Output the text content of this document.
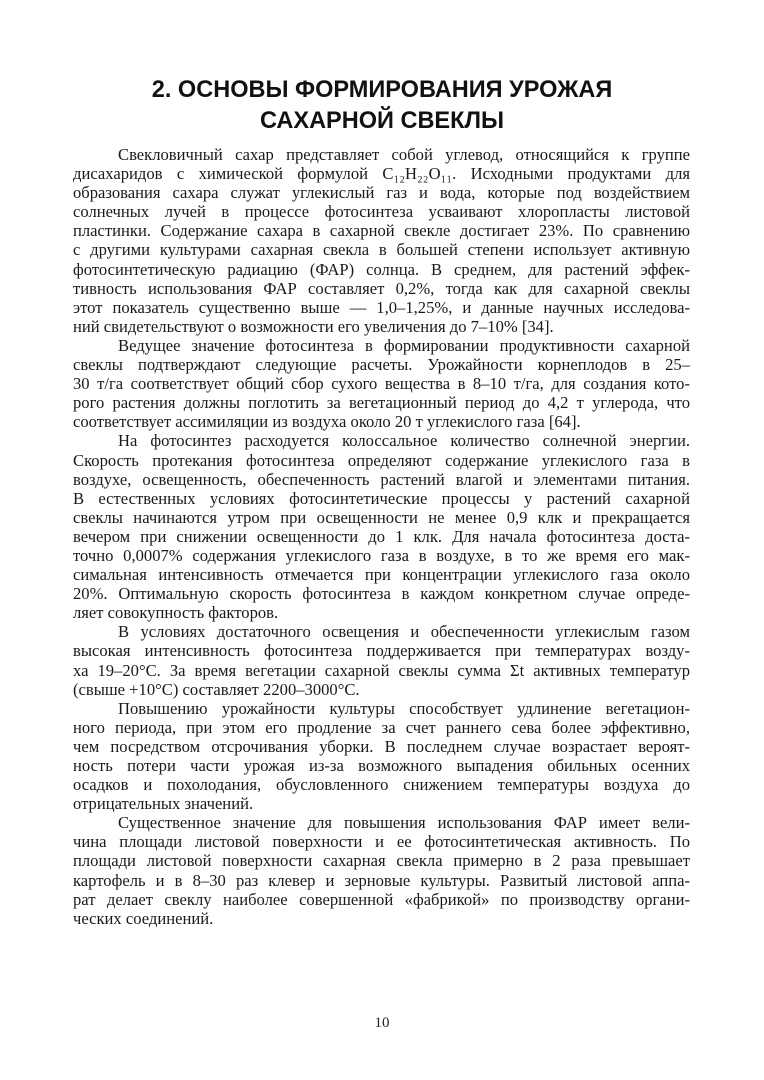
2. ОСНОВЫ ФОРМИРОВАНИЯ УРОЖАЯ
САХАРНОЙ СВЕКЛЫ
Свекловичный сахар представляет собой углевод, относящийся к группе
дисахаридов с химической формулой C₁₂H₂₂O₁₁. Исходными продуктами для
образования сахара служат углекислый газ и вода, которые под воздействием
солнечных лучей в процессе фотосинтеза усваивают хлоропласты листовой
пластинки. Содержание сахара в сахарной свекле достигает 23%. По сравнению
с другими культурами сахарная свекла в большей степени использует активную
фотосинтетическую радиацию (ФАР) солнца. В среднем, для растений эффек-
тивность использования ФАР составляет 0,2%, тогда как для сахарной свеклы
этот показатель существенно выше — 1,0–1,25%, и данные научных исследова-
ний свидетельствуют о возможности его увеличения до 7–10% [34].
Ведущее значение фотосинтеза в формировании продуктивности сахарной
свеклы подтверждают следующие расчеты. Урожайности корнеплодов в 25–
30 т/га соответствует общий сбор сухого вещества в 8–10 т/га, для создания кото-
рого растения должны поглотить за вегетационный период до 4,2 т углерода, что
соответствует ассимиляции из воздуха около 20 т углекислого газа [64].
На фотосинтез расходуется колоссальное количество солнечной энергии.
Скорость протекания фотосинтеза определяют содержание углекислого газа в
воздухе, освещенность, обеспеченность растений влагой и элементами питания.
В естественных условиях фотосинтетические процессы у растений сахарной
свеклы начинаются утром при освещенности не менее 0,9 клк и прекращается
вечером при снижении освещенности до 1 клк. Для начала фотосинтеза доста-
точно 0,0007% содержания углекислого газа в воздухе, в то же время его мак-
симальная интенсивность отмечается при концентрации углекислого газа около
20%. Оптимальную скорость фотосинтеза в каждом конкретном случае опреде-
ляет совокупность факторов.
В условиях достаточного освещения и обеспеченности углекислым газом
высокая интенсивность фотосинтеза поддерживается при температурах возду-
ха 19–20°С. За время вегетации сахарной свеклы сумма Σt активных температур
(свыше +10°С) составляет 2200–3000°С.
Повышению урожайности культуры способствует удлинение вегетацион-
ного периода, при этом его продление за счет раннего сева более эффективно,
чем посредством отсрочивания уборки. В последнем случае возрастает вероят-
ность потери части урожая из-за возможного выпадения обильных осенних
осадков и похолодания, обусловленного снижением температуры воздуха до
отрицательных значений.
Существенное значение для повышения использования ФАР имеет вели-
чина площади листовой поверхности и ее фотосинтетическая активность. По
площади листовой поверхности сахарная свекла примерно в 2 раза превышает
картофель и в 8–30 раз клевер и зерновые культуры. Развитый листовой аппа-
рат делает свеклу наиболее совершенной «фабрикой» по производству органи-
ческих соединений.
10
